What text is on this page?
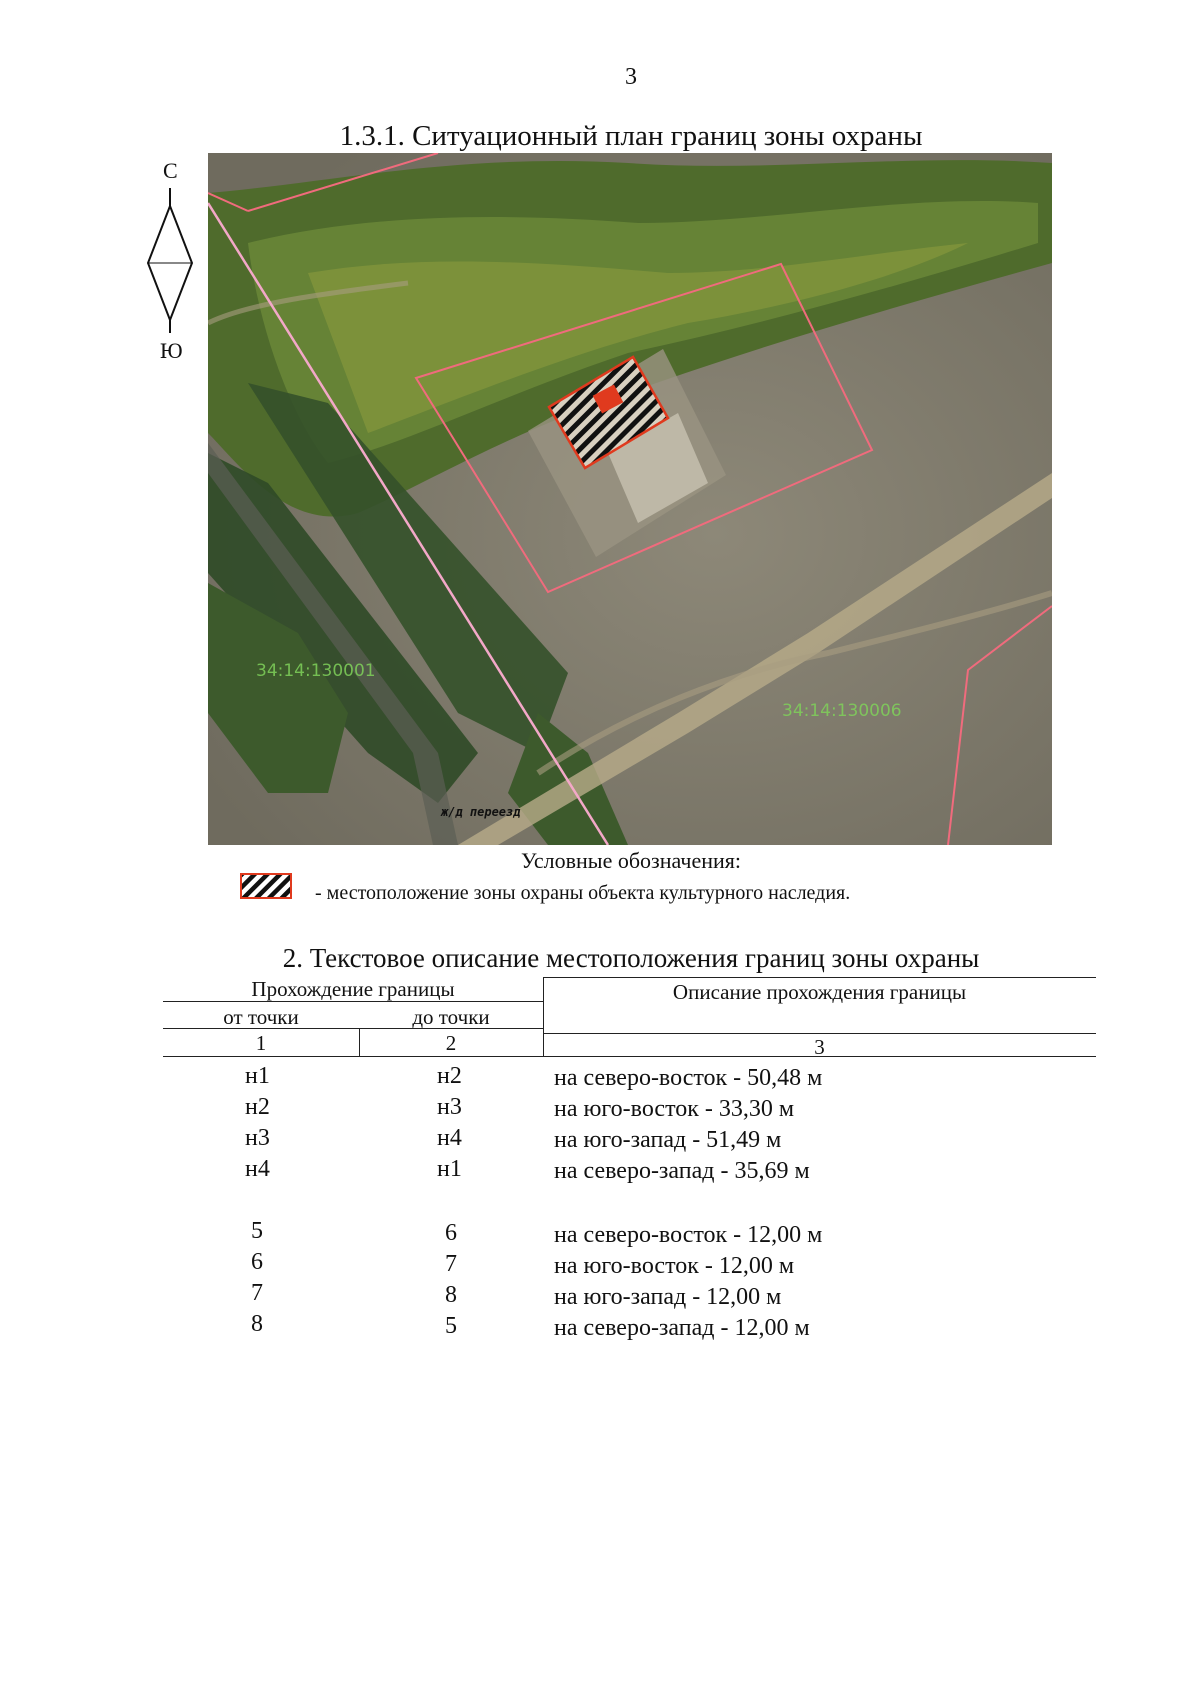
3
1.3.1. Ситуационный план границ зоны охраны
С
Ю
34:14:130001
34:14:130006
ж/д переезд
Условные обозначения:
- местоположение зоны охраны объекта культурного наследия.
2. Текстовое описание местоположения границ зоны охраны
Прохождение границы
от точки	до точки
Описание прохождения границы
1	2	3
н1	н2	на северо-восток - 50,48 м
н2	н3	на юго-восток - 33,30 м
н3	н4	на юго-запад - 51,49 м
н4	н1	на северо-запад - 35,69 м
5	6	на северо-восток - 12,00 м
6	7	на юго-восток - 12,00 м
7	8	на юго-запад - 12,00 м
8	5	на северо-запад - 12,00 м
